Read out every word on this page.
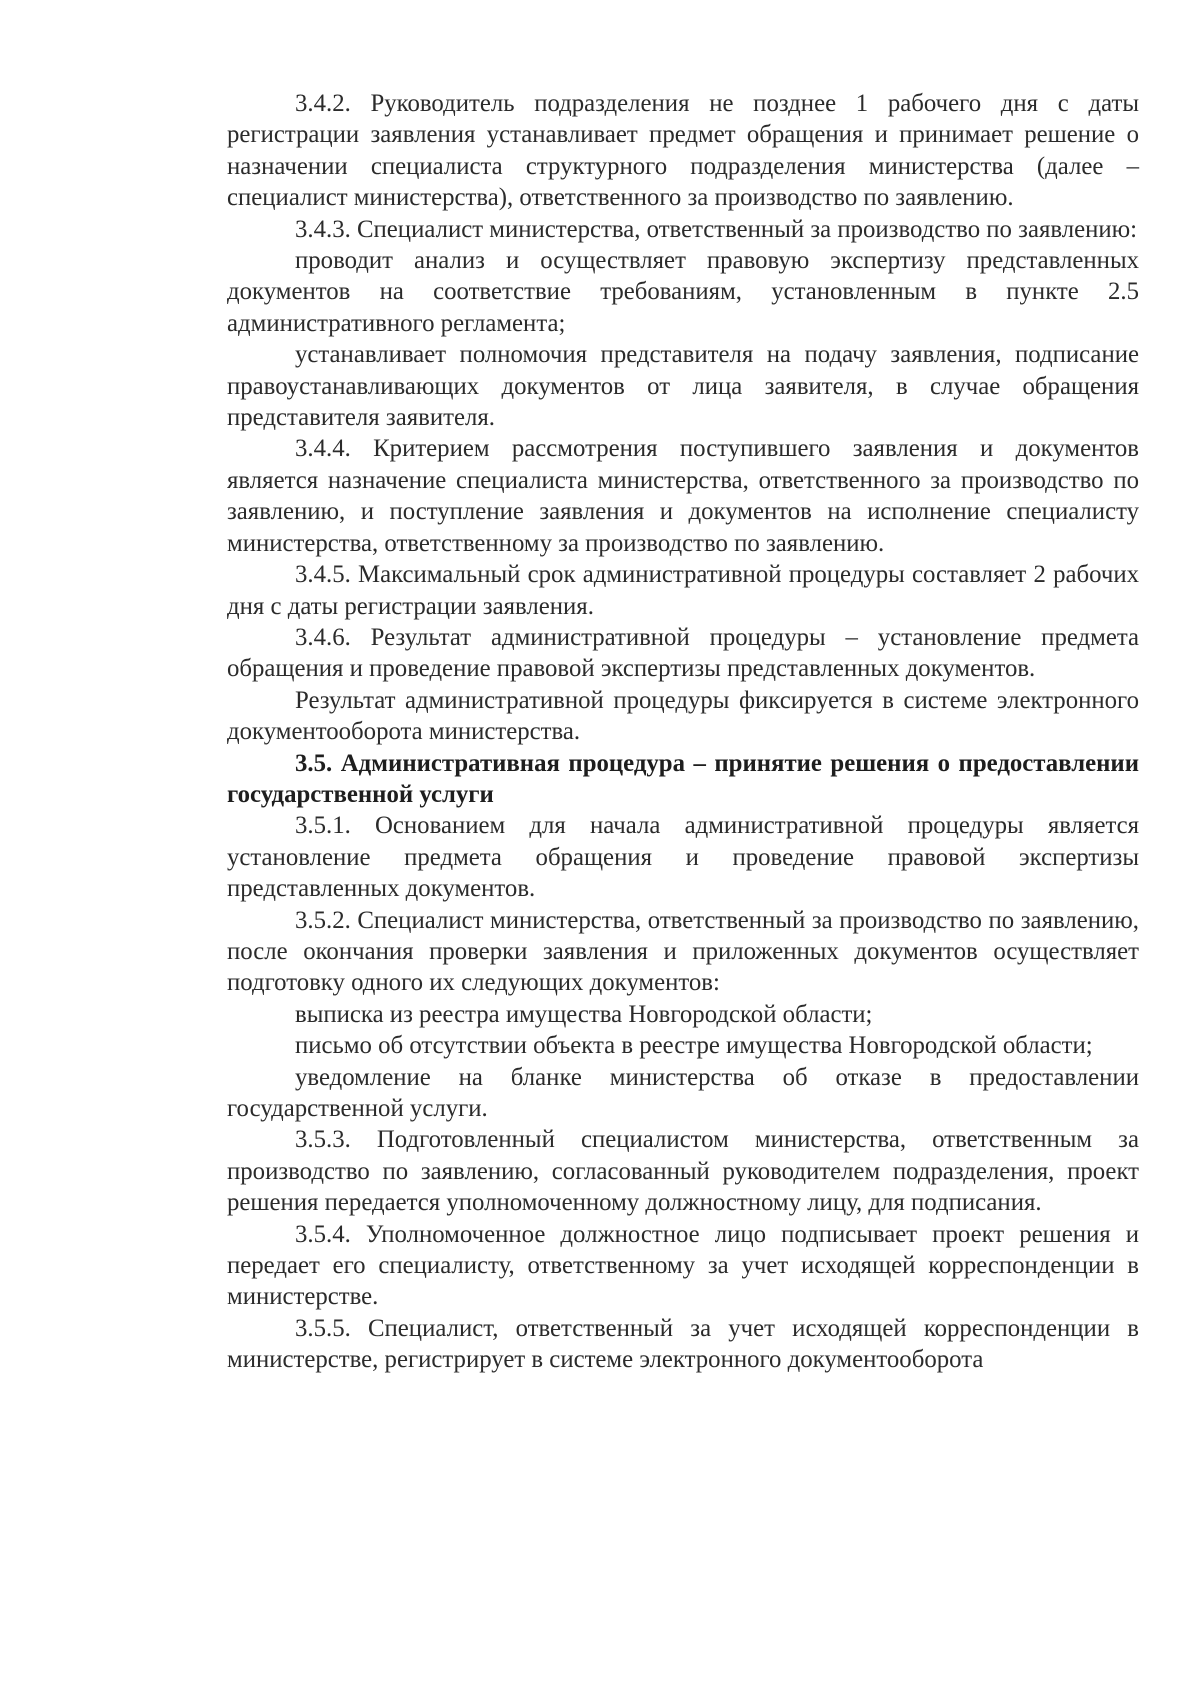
3.4.2. Руководитель подразделения не позднее 1 рабочего дня с даты регистрации заявления устанавливает предмет обращения и принимает решение о назначении специалиста структурного подразделения министерства (далее – специалист министерства), ответственного за производство по заявлению.

3.4.3. Специалист министерства, ответственный за производство по заявлению:

проводит анализ и осуществляет правовую экспертизу представленных документов на соответствие требованиям, установленным в пункте 2.5 административного регламента;

устанавливает полномочия представителя на подачу заявления, подписание правоустанавливающих документов от лица заявителя, в случае обращения представителя заявителя.

3.4.4. Критерием рассмотрения поступившего заявления и документов является назначение специалиста министерства, ответственного за производство по заявлению, и поступление заявления и документов на исполнение специалисту министерства, ответственному за производство по заявлению.

3.4.5. Максимальный срок административной процедуры составляет 2 рабочих дня с даты регистрации заявления.

3.4.6. Результат административной процедуры – установление предмета обращения и проведение правовой экспертизы представленных документов.

Результат административной процедуры фиксируется в системе электронного документооборота министерства.

3.5. Административная процедура – принятие решения о предоставлении государственной услуги

3.5.1. Основанием для начала административной процедуры является установление предмета обращения и проведение правовой экспертизы представленных документов.

3.5.2. Специалист министерства, ответственный за производство по заявлению, после окончания проверки заявления и приложенных документов осуществляет подготовку одного их следующих документов:

выписка из реестра имущества Новгородской области;

письмо об отсутствии объекта в реестре имущества Новгородской области;

уведомление на бланке министерства об отказе в предоставлении государственной услуги.

3.5.3. Подготовленный специалистом министерства, ответственным за производство по заявлению, согласованный руководителем подразделения, проект решения передается уполномоченному должностному лицу, для подписания.

3.5.4. Уполномоченное должностное лицо подписывает проект решения и передает его специалисту, ответственному за учет исходящей корреспонденции в министерстве.

3.5.5. Специалист, ответственный за учет исходящей корреспонденции в министерстве, регистрирует в системе электронного документооборота
